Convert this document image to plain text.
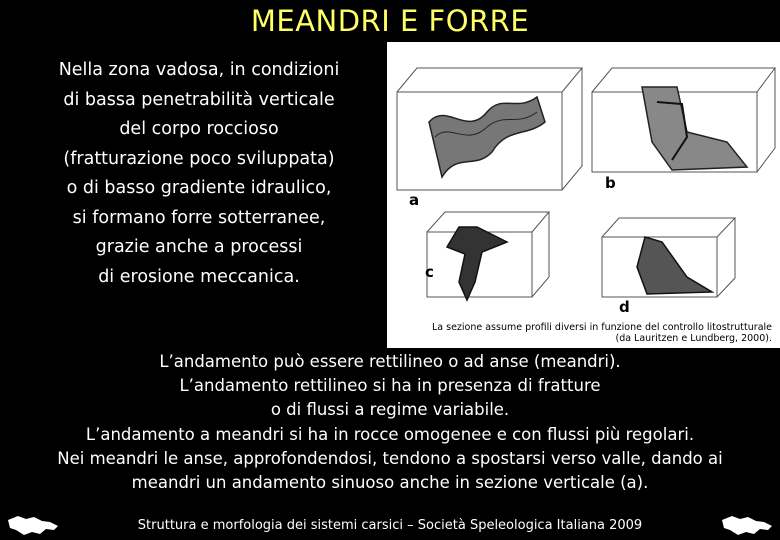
MEANDRI E FORRE
Nella zona vadosa, in condizioni
di bassa penetrabilità verticale
del corpo roccioso
(fratturazione poco sviluppata)
o di basso gradiente idraulico,
si formano forre sotterranee,
grazie anche a processi
di erosione meccanica.
a
b
c
d
La sezione assume profili diversi in funzione del controllo litostrutturale
(da Lauritzen e Lundberg, 2000).
L’andamento può essere rettilineo o ad anse (meandri).
L’andamento rettilineo si ha in presenza di fratture
o di flussi a regime variabile.
L’andamento a meandri si ha in rocce omogenee e con flussi più regolari.
Nei meandri le anse, approfondendosi, tendono a spostarsi verso valle, dando ai
meandri un andamento sinuoso anche in sezione verticale (a).
Struttura e morfologia dei sistemi carsici – Società Speleologica Italiana 2009
